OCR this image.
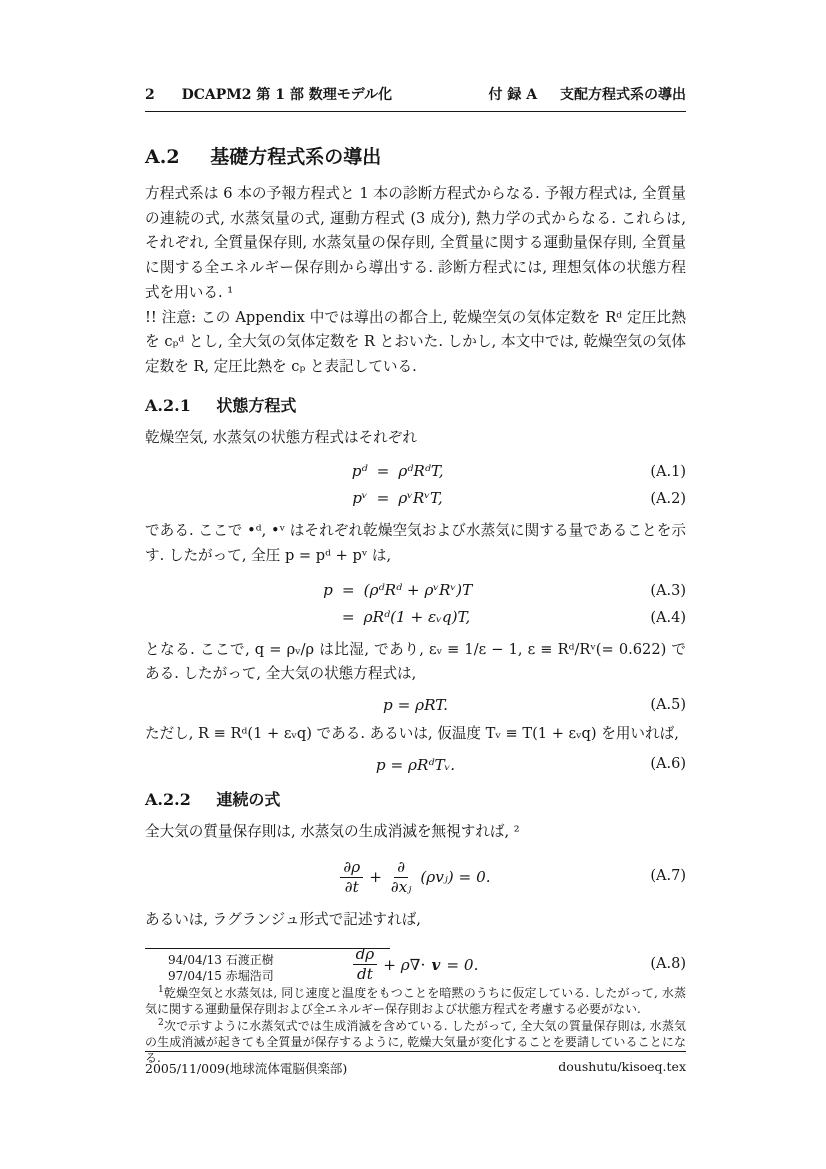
2 DCAPM2 第 1 部 数理モデル化	付 録 A 支配方程式系の導出
A.2 基礎方程式系の導出

方程式系は 6 本の予報方程式と 1 本の診断方程式からなる. 予報方程式は, 全質量の連続の式, 水蒸気量の式, 運動方程式 (3 成分), 熱力学の式からなる. これらは, それぞれ, 全質量保存則, 水蒸気量の保存則, 全質量に関する運動量保存則, 全質量に関する全エネルギー保存則から導出する. 診断方程式には, 理想気体の状態方程式を用いる. ¹

!! 注意: この Appendix 中では導出の都合上, 乾燥空気の気体定数を Rᵈ 定圧比熱を cₚᵈ とし, 全大気の気体定数を R とおいた. しかし, 本文中では, 乾燥空気の気体定数を R, 定圧比熱を cₚ と表記している.

A.2.1 状態方程式

乾燥空気, 水蒸気の状態方程式はそれぞれ

pᵈ = ρᵈRᵈT,	(A.1)
pᵛ = ρᵛRᵛT,	(A.2)

である. ここで •ᵈ, •ᵛ はそれぞれ乾燥空気および水蒸気に関する量であることを示す. したがって, 全圧 p = pᵈ + pᵛ は,

p = (ρᵈRᵈ + ρᵛRᵛ)T	(A.3)
= ρRᵈ(1 + εᵥq)T,	(A.4)

となる. ここで, q = ρᵥ/ρ は比湿, であり, εᵥ ≡ 1/ε − 1, ε ≡ Rᵈ/Rᵛ(= 0.622) である. したがって, 全大気の状態方程式は,

p = ρRT.	(A.5)

ただし, R ≡ Rᵈ(1 + εᵥq) である. あるいは, 仮温度 Tᵥ ≡ T(1 + εᵥq) を用いれば,

p = ρRᵈTᵥ.	(A.6)
A.2.2 連続の式

全大気の質量保存則は, 水蒸気の生成消滅を無視すれば, ²

$\frac{\partial\rho}{\partial t} + \frac{\partial}{\text{∂xⱼ}}$ (ρvⱼ) = 0.	(A.7)

あるいは, ラグランジュ形式で記述すれば,

$\frac{d\rho}{dt} + \rho\nabla\cdot v = 0$.	(A.8)
94/04/13 石渡正樹
97/04/15 赤堀浩司

$^1$乾燥空気と水蒸気は, 同じ速度と温度をもつことを暗黙のうちに仮定している. したがって, 水蒸気に関する運動量保存則および全エネルギー保存則および状態方程式を考慮する必要がない.

$^2$次で示すように水蒸気式では生成消滅を含めている. したがって, 全大気の質量保存則は, 水蒸気の生成消滅が起きても全質量が保存するように, 乾燥大気量が変化することを要請していることになる.

2005/11/009(地球流体電脳倶楽部)	doushutu/kisoeq.tex
